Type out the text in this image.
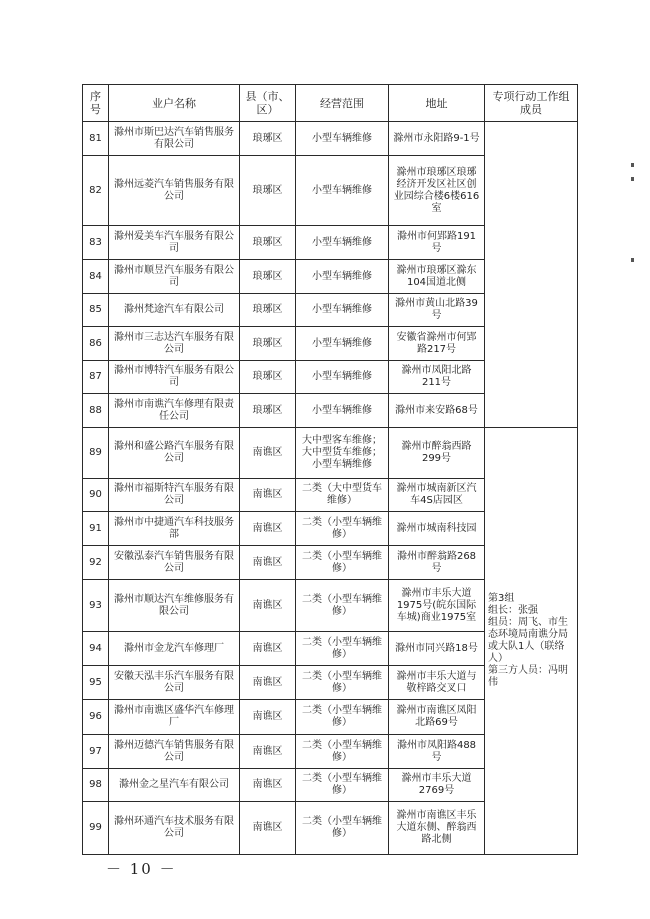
序号	业户名称	县（市、区）	经营范围	地址	专项行动工作组成员
81	滁州市斯巴达汽车销售服务有限公司	琅琊区	小型车辆维修	滁州市永阳路9-1号	
82	滁州远菱汽车销售服务有限公司	琅琊区	小型车辆维修	滁州市琅琊区琅琊经济开发区社区创业园综合楼6楼616室	
83	滁州爱美车汽车服务有限公司	琅琊区	小型车辆维修	滁州市何郢路191号	
84	滁州市顺昱汽车服务有限公司	琅琊区	小型车辆维修	滁州市琅琊区滁东104国道北侧	
85	滁州梵途汽车有限公司	琅琊区	小型车辆维修	滁州市黄山北路39号	
86	滁州市三志达汽车服务有限公司	琅琊区	小型车辆维修	安徽省滁州市何郢路217号	
87	滁州市博特汽车服务有限公司	琅琊区	小型车辆维修	滁州市凤阳北路211号	
88	滁州市南谯汽车修理有限责任公司	琅琊区	小型车辆维修	滁州市来安路68号	
89	滁州和盛公路汽车服务有限公司	南谯区	大中型客车维修；大中型货车维修；小型车辆维修	滁州市醉翁西路299号	第3组
组长：张强
组员：周飞、市生态环境局南谯分局或大队1人（联络人）
第三方人员：冯明伟

90	滁州市福斯特汽车服务有限公司	南谯区	二类（大中型货车维修）	滁州市城南新区汽车4S店园区	
91	滁州市中捷通汽车科技服务部	南谯区	二类（小型车辆维修）	滁州市城南科技园	
92	安徽泓泰汽车销售服务有限公司	南谯区	二类（小型车辆维修）	滁州市醉翁路268号	
93	滁州市顺达汽车维修服务有限公司	南谯区	二类（小型车辆维修）	滁州市丰乐大道1975号(皖东国际车城)商业1975室	
94	滁州市金龙汽车修理厂	南谯区	二类（小型车辆维修）	滁州市同兴路18号	
95	安徽天泓丰乐汽车服务有限公司	南谯区	二类（小型车辆维修）	滁州市丰乐大道与敬梓路交叉口	
96	滁州市南谯区盛华汽车修理厂	南谯区	二类（小型车辆维修）	滁州市南谯区凤阳北路69号	
97	滁州迈德汽车销售服务有限公司	南谯区	二类（小型车辆维修）	滁州市凤阳路488号	
98	滁州金之星汽车有限公司	南谯区	二类（小型车辆维修）	滁州市丰乐大道2769号	
99	滁州环通汽车技术服务有限公司	南谯区	二类（小型车辆维修）	滁州市南谯区丰乐大道东侧、醉翁西路北侧	
－ 10 －
